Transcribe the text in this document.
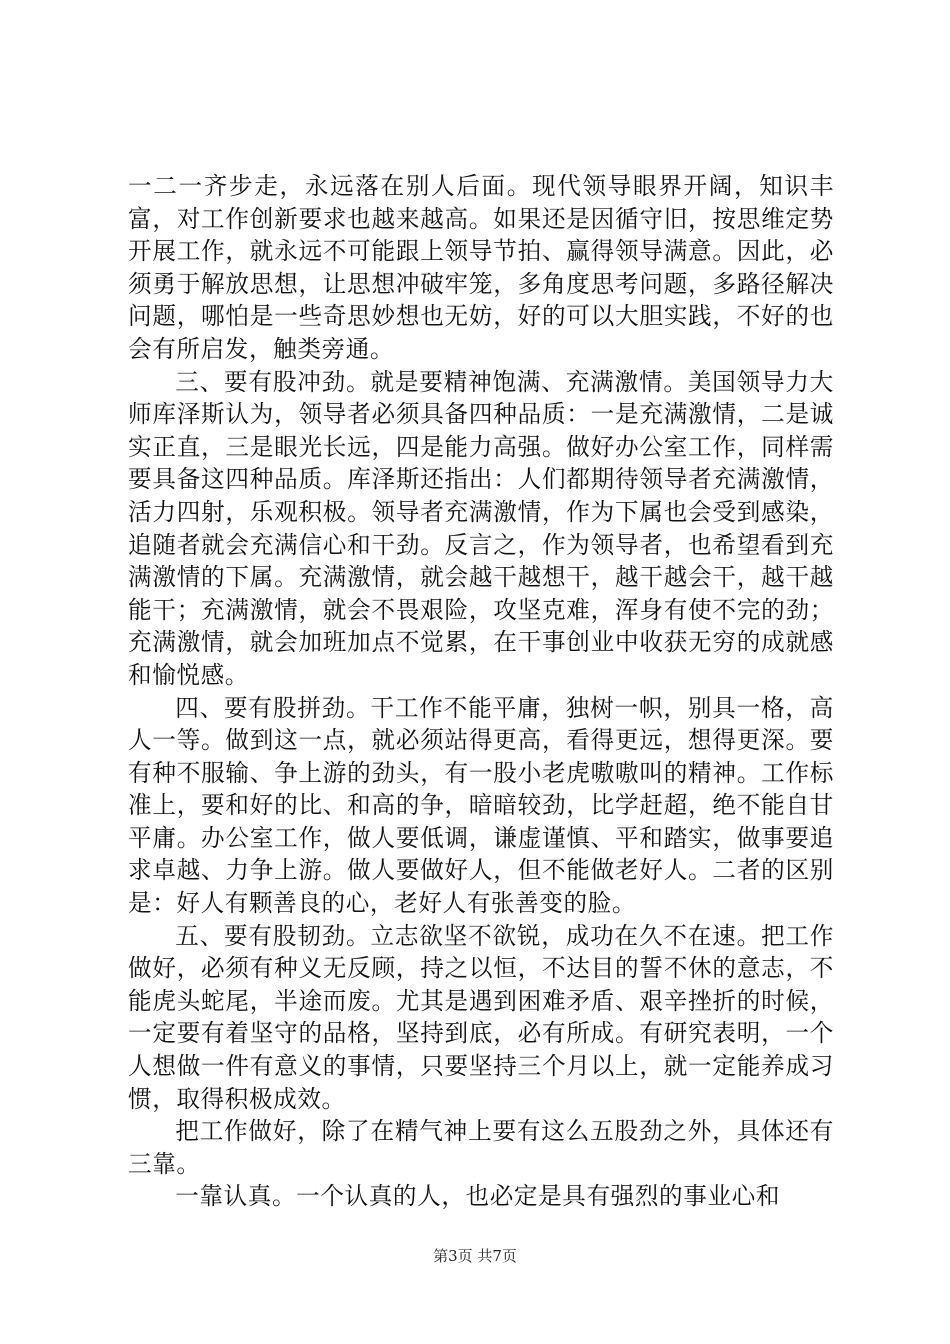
一二一齐步走，永远落在别人后面。现代领导眼界开阔，知识丰富，对工作创新要求也越来越高。如果还是因循守旧，按思维定势开展工作，就永远不可能跟上领导节拍、赢得领导满意。因此，必须勇于解放思想，让思想冲破牢笼，多角度思考问题，多路径解决问题，哪怕是一些奇思妙想也无妨，好的可以大胆实践，不好的也会有所启发，触类旁通。

三、要有股冲劲。就是要精神饱满、充满激情。美国领导力大师库泽斯认为，领导者必须具备四种品质：一是充满激情，二是诚实正直，三是眼光长远，四是能力高强。做好办公室工作，同样需要具备这四种品质。库泽斯还指出：人们都期待领导者充满激情，活力四射，乐观积极。领导者充满激情，作为下属也会受到感染，追随者就会充满信心和干劲。反言之，作为领导者，也希望看到充满激情的下属。充满激情，就会越干越想干，越干越会干，越干越能干；充满激情，就会不畏艰险，攻坚克难，浑身有使不完的劲；充满激情，就会加班加点不觉累，在干事创业中收获无穷的成就感和愉悦感。

四、要有股拼劲。干工作不能平庸，独树一帜，别具一格，高人一等。做到这一点，就必须站得更高，看得更远，想得更深。要有种不服输、争上游的劲头，有一股小老虎嗷嗷叫的精神。工作标准上，要和好的比、和高的争，暗暗较劲，比学赶超，绝不能自甘平庸。办公室工作，做人要低调，谦虚谨慎、平和踏实，做事要追求卓越、力争上游。做人要做好人，但不能做老好人。二者的区别是：好人有颗善良的心，老好人有张善变的脸。

五、要有股韧劲。立志欲坚不欲锐，成功在久不在速。把工作做好，必须有种义无反顾，持之以恒，不达目的誓不休的意志，不能虎头蛇尾，半途而废。尤其是遇到困难矛盾、艰辛挫折的时候，一定要有着坚守的品格，坚持到底，必有所成。有研究表明，一个人想做一件有意义的事情，只要坚持三个月以上，就一定能养成习惯，取得积极成效。

把工作做好，除了在精气神上要有这么五股劲之外，具体还有三靠。

一靠认真。一个认真的人，也必定是具有强烈的事业心和

第3页 共7页
